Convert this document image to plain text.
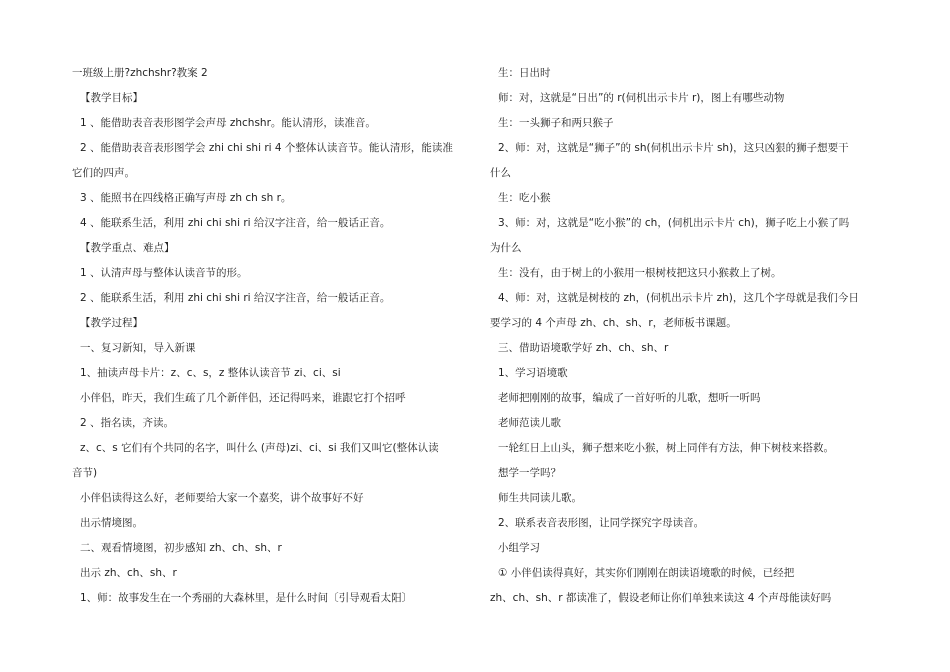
一班级上册?zhchshr?教案 2
【教学目标】
1 、能借助表音表形图学会声母 zhchshr。能认清形，读准音。
2 、能借助表音表形图学会 zhi chi shi ri 4 个整体认读音节。能认清形，能读准
它们的四声。
3 、能照书在四线格正确写声母 zh ch sh r。
4 、能联系生活，利用 zhi chi shi ri 给汉字注音，给一般话正音。
【教学重点、难点】
1 、认清声母与整体认读音节的形。
2 、能联系生活，利用 zhi chi shi ri 给汉字注音，给一般话正音。
【教学过程】
一、复习新知，导入新课
1、抽读声母卡片：z、c、s，z 整体认读音节 zi、ci、si
小伴侣，昨天，我们生疏了几个新伴侣，还记得吗来，谁跟它打个招呼
2 、指名读，齐读。
z、c、s 它们有个共同的名字，叫什么 (声母)zi、ci、si 我们又叫它(整体认读
音节)
小伴侣读得这么好，老师要给大家一个嘉奖，讲个故事好不好
出示情境图。
二、观看情境图，初步感知 zh、ch、sh、r
出示 zh、ch、sh、r
1、师：故事发生在一个秀丽的大森林里，是什么时间〔引导观看太阳〕
生：日出时
师：对，这就是“日出”的 r(伺机出示卡片 r)，图上有哪些动物
生：一头狮子和两只猴子
2、师：对，这就是“狮子”的 sh(伺机出示卡片 sh)，这只凶狠的狮子想要干
什么
生：吃小猴
3、师：对，这就是“吃小猴”的 ch，(伺机出示卡片 ch)，狮子吃上小猴了吗
为什么
生：没有，由于树上的小猴用一根树枝把这只小猴救上了树。
4、师：对，这就是树枝的 zh，(伺机出示卡片 zh)，这几个字母就是我们今日
要学习的 4 个声母 zh、ch、sh、r，老师板书课题。
三、借助语境歌学好 zh、ch、sh、r
1、学习语境歌
老师把刚刚的故事，编成了一首好听的儿歌，想听一听吗
老师范读儿歌
一轮红日上山头，狮子想来吃小猴，树上同伴有方法，伸下树枝来搭救。
想学一学吗？
师生共同读儿歌。
2、联系表音表形图，让同学探究字母读音。
小组学习
① 小伴侣读得真好，其实你们刚刚在朗读语境歌的时候，已经把
zh、ch、sh、r 都读准了，假设老师让你们单独来读这 4 个声母能读好吗
